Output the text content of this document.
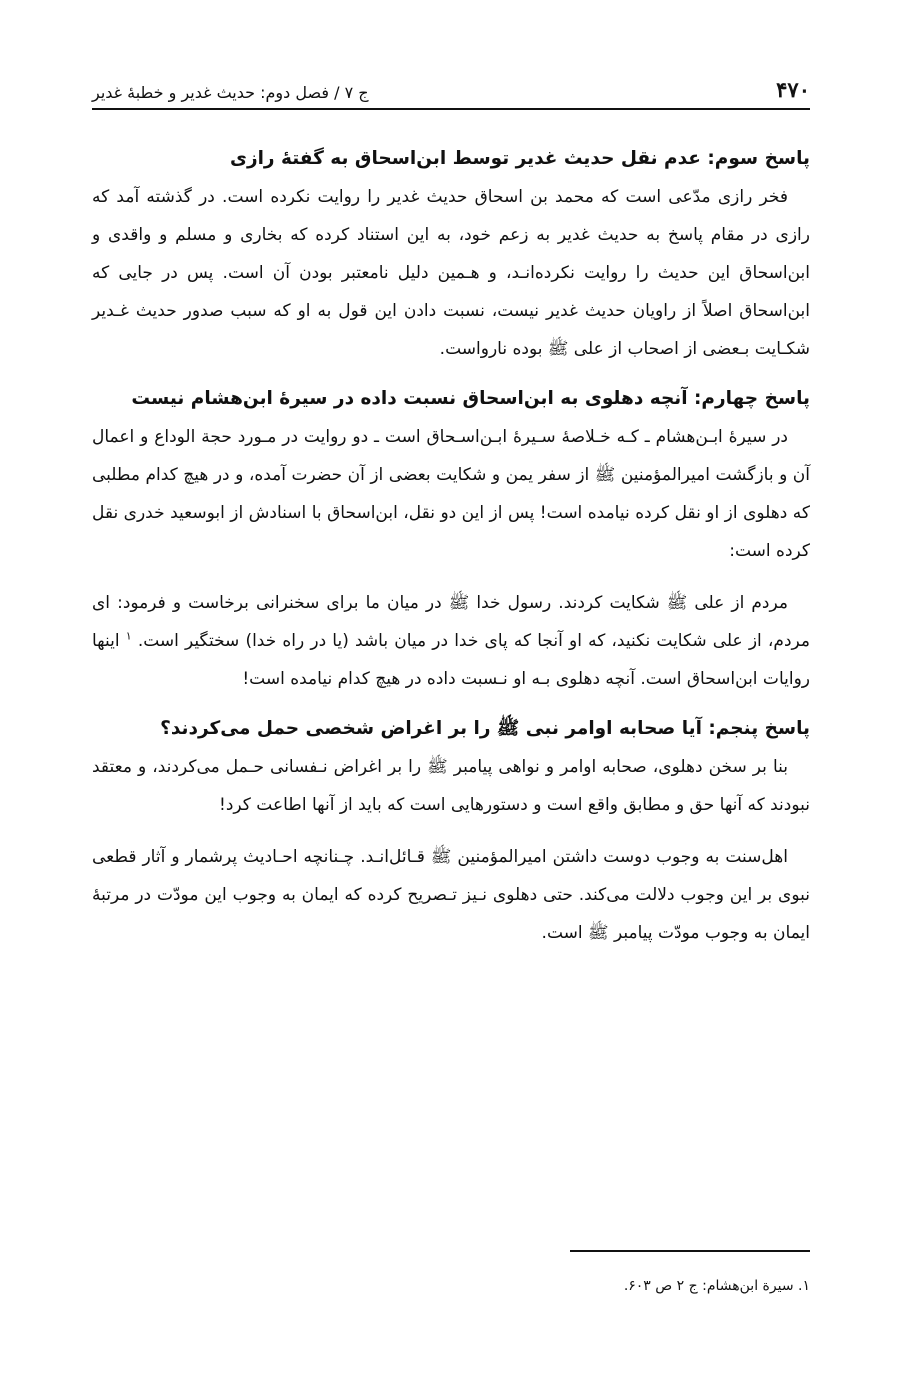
۴۷۰
ج ۷ / فصل دوم: حديث غدير و خطبۀ غدير
پاسخ سوم: عدم نقل حديث غدير توسط ابن‌اسحاق به گفتۀ رازی

فخر رازی مدّعی است که محمد بن اسحاق حديث غدير را روايت نکرده است. در گذشته آمد که رازی در مقام پاسخ به حديث غدير به زعم خود، به اين استناد کرده که بخاری و مسلم و واقدی و ابن‌اسحاق اين حديث را روايت نکرده‌انـد، و هـمين دليل نامعتبر بودن آن است. پس در جايی که ابن‌اسحاق اصلاً از راويان حديث غدير نيست، نسبت دادن اين قول به او که سبب صدور حديث غـدير شکـايت بـعضی از اصحاب از علی ﷺ بوده نارواست.

پاسخ چهارم: آنچه دهلوی به ابن‌اسحاق نسبت داده در سيرۀ ابن‌هشام نيست

در سيرۀ ابـن‌هشام ـ کـه خـلاصۀ سـيرۀ ابـن‌اسـحاق است ـ دو روايت در مـورد حجة الوداع و اعمال آن و بازگشت اميرالمؤمنين ﷺ از سفر يمن و شکايت بعضی از آن حضرت آمده، و در هيچ کدام مطلبی که دهلوی از او نقل کرده نيامده است! پس از اين دو نقل، ابن‌اسحاق با اسنادش از ابوسعيد خدری نقل کرده است:

مردم از علی ﷺ شکايت کردند. رسول خدا ﷺ در ميان ما برای سخنرانی برخاست و فرمود: ای مردم، از علی شکايت نکنيد، که او آنجا که پای خدا در ميان باشد (يا در راه خدا) سختگير است. $^۱$ اينها روايات ابن‌اسحاق است. آنچه دهلوی بـه او نـسبت داده در هيچ کدام نيامده است!

پاسخ پنجم: آيا صحابه اوامر نبی ﷺ را بر اغراض شخصی حمل می‌کردند؟

بنا بر سخن دهلوی، صحابه اوامر و نواهی پيامبر ﷺ را بر اغراض نـفسانی حـمل می‌کردند، و معتقد نبودند که آنها حق و مطابق واقع است و دستورهايی است که بايد از آنها اطاعت کرد!

اهل‌سنت به وجوب دوست داشتن اميرالمؤمنين ﷺ قـائل‌انـد. چـنانچه احـاديث پرشمار و آثار قطعی نبوی بر اين وجوب دلالت می‌کند. حتی دهلوی نـيز تـصريح کرده که ايمان به وجوب اين مودّت در مرتبۀ ايمان به وجوب مودّت پيامبر ﷺ است.

۱. سيرة ابن‌هشام: ج ۲ ص ۶۰۳.
